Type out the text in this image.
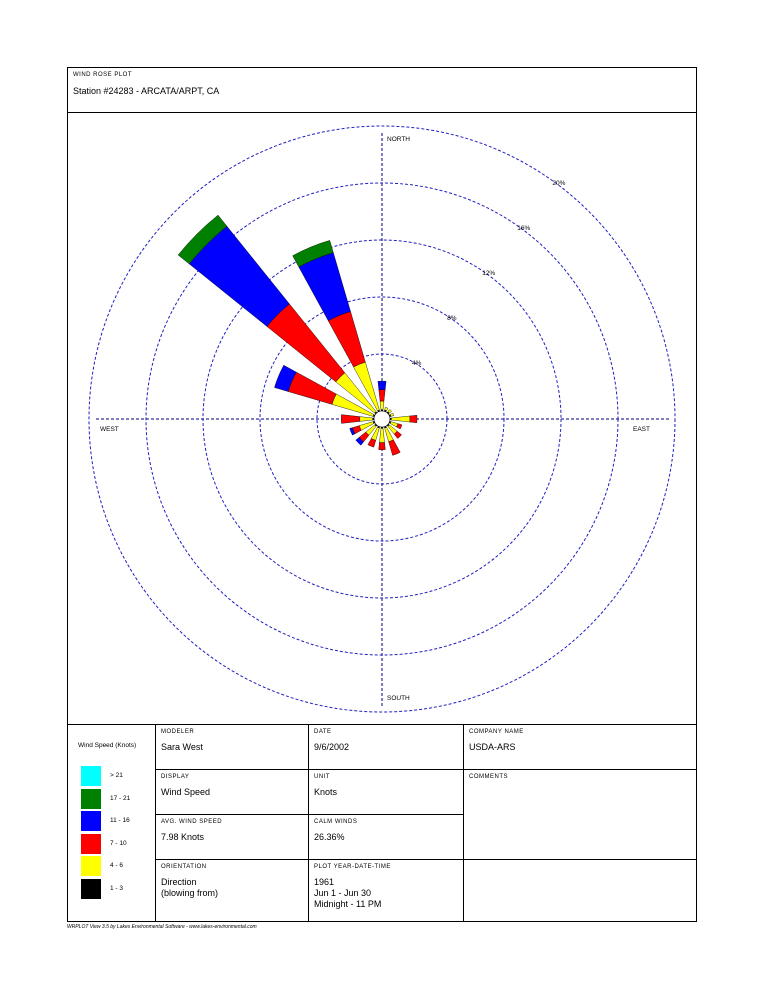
WIND ROSE PLOT
Station #24283 - ARCATA/ARPT, CA
4%
8%
12%
16%
20%
NORTH
SOUTH
WEST	EAST
Wind Speed (Knots)
> 21
17 - 21
11 - 16
7 - 10
4 - 6
1 - 3
MODELER
Sara West
DATE
9/6/2002
COMPANY NAME
USDA-ARS
DISPLAY
Wind Speed
UNIT
Knots
COMMENTS
AVG. WIND SPEED
7.98 Knots
CALM WINDS
26.36%
ORIENTATION
Direction
(blowing from)
PLOT YEAR-DATE-TIME
1961
Jun 1 - Jun 30
Midnight - 11 PM
WRPLOT View 3.5 by Lakes Environmental Software - www.lakes-environmental.com
